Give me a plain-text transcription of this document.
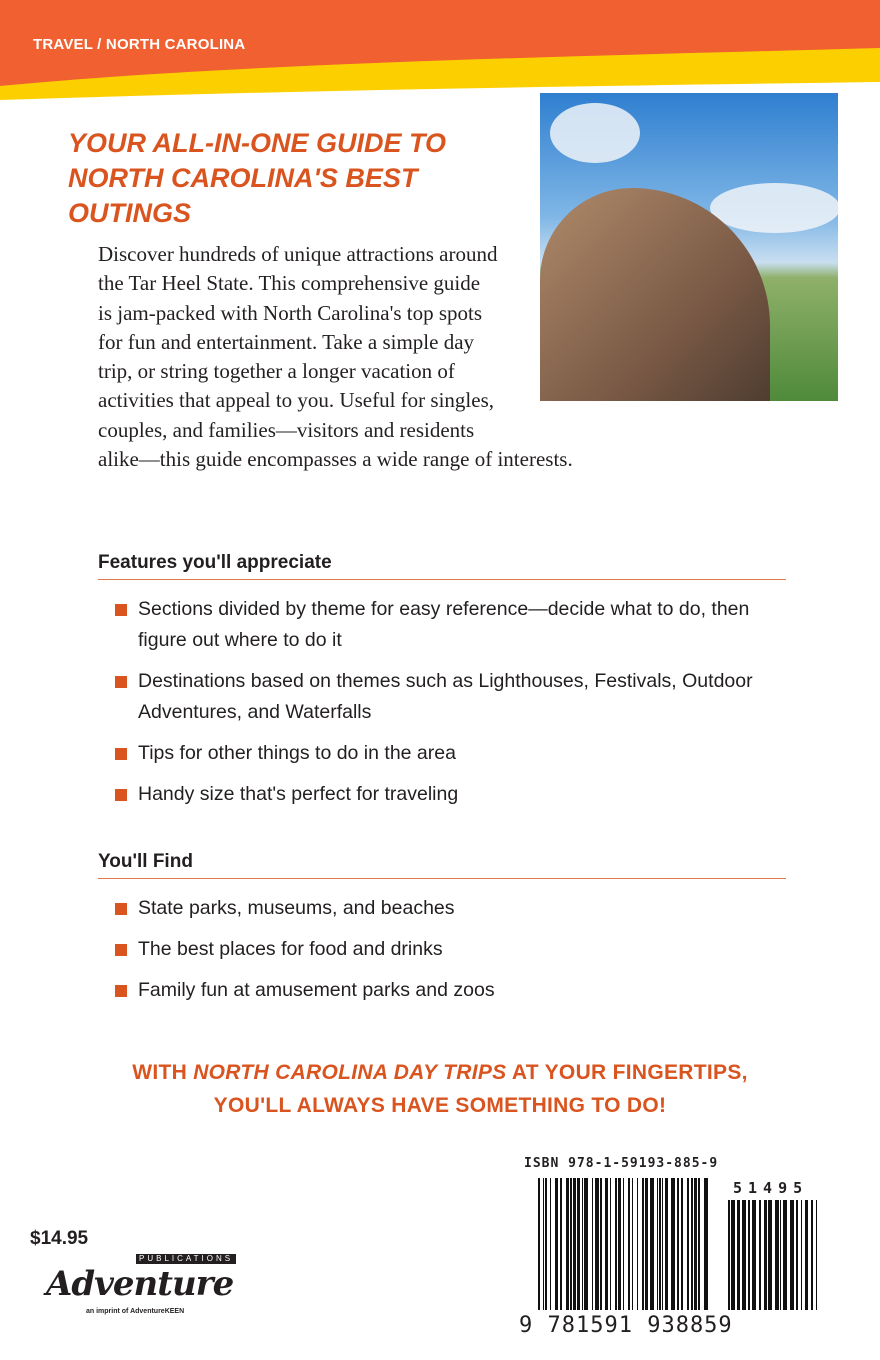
TRAVEL / NORTH CAROLINA
YOUR ALL-IN-ONE GUIDE TO NORTH CAROLINA'S BEST OUTINGS
Discover hundreds of unique attractions around the Tar Heel State. This comprehensive guide is jam-packed with North Carolina's top spots for fun and entertainment. Take a simple day trip, or string together a longer vacation of activities that appeal to you. Useful for singles, couples, and families—visitors and residents alike—this guide encompasses a wide range of interests.
Features you'll appreciate
Sections divided by theme for easy reference—decide what to do, then figure out where to do it
Destinations based on themes such as Lighthouses, Festivals, Outdoor Adventures, and Waterfalls
Tips for other things to do in the area
Handy size that's perfect for traveling
You'll Find
State parks, museums, and beaches
The best places for food and drinks
Family fun at amusement parks and zoos
WITH NORTH CAROLINA DAY TRIPS AT YOUR FINGERTIPS,
YOU'LL ALWAYS HAVE SOMETHING TO DO!
$14.95
PUBLICATIONS
Adventure
an imprint of AdventureKEEN
ISBN 978-1-59193-885-9
9 781591 938859
51495
